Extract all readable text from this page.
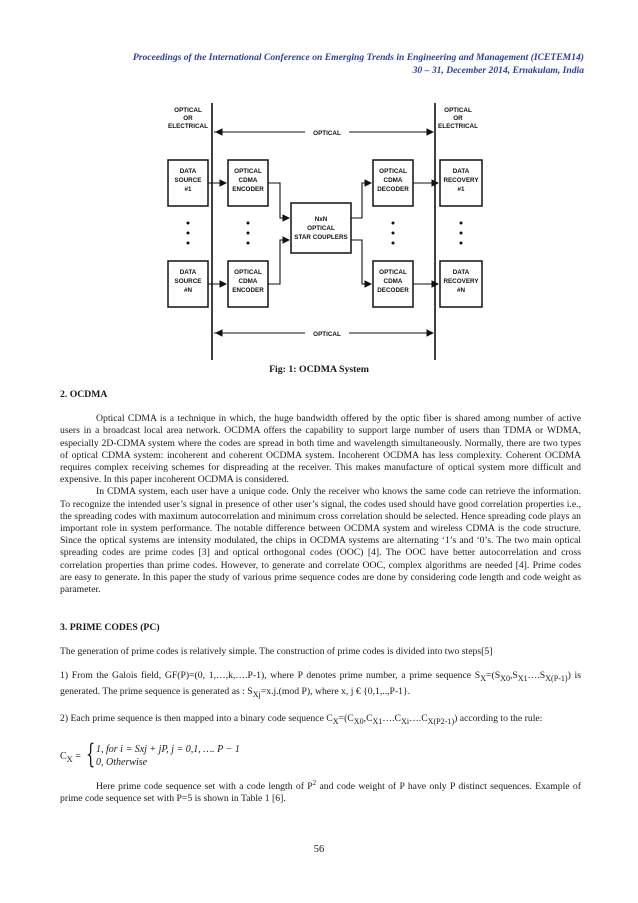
Proceedings of the International Conference on Emerging Trends in Engineering and Management (ICETEM14)
30 – 31, December 2014, Ernakulam, India
OPTICAL
OR
ELECTRICAL
OPTICAL
OR
ELECTRICAL
OPTICAL
OPTICAL
DATA
SOURCE
#1
OPTICAL
CDMA
ENCODER
OPTICAL
CDMA
DECODER
DATA
RECOVERY
#1
NxN
OPTICAL
STAR COUPLERS
DATA
SOURCE
#N
OPTICAL
CDMA
ENCODER
OPTICAL
CDMA
DECODER
DATA
RECOVERY
#N
Fig: 1: OCDMA System

2. OCDMA

Optical CDMA is a technique in which, the huge bandwidth offered by the optic fiber is shared among number of active users in a broadcast local area network. OCDMA offers the capability to support large number of users than TDMA or WDMA, especially 2D-CDMA system where the codes are spread in both time and wavelength simultaneously. Normally, there are two types of optical CDMA system: incoherent and coherent OCDMA system. Incoherent OCDMA has less complexity. Coherent OCDMA requires complex receiving schemes for dispreading at the receiver. This makes manufacture of optical system more difficult and expensive. In this paper incoherent OCDMA is considered.

In CDMA system, each user have a unique code. Only the receiver who knows the same code can retrieve the information. To recognize the intended user’s signal in presence of other user’s signal, the codes used should have good correlation properties i.e., the spreading codes with maximum autocorrelation and minimum cross correlation should be selected. Hence spreading code plays an important role in system performance. The notable difference between OCDMA system and wireless CDMA is the code structure. Since the optical systems are intensity modulated, the chips in OCDMA systems are alternating ‘1’s and ‘0’s. The two main optical spreading codes are prime codes [3] and optical orthogonal codes (OOC) [4]. The OOC have better autocorrelation and cross correlation properties than prime codes. However, to generate and correlate OOC, complex algorithms are needed [4]. Prime codes are easy to generate. In this paper the study of various prime sequence codes are done by considering code length and code weight as parameter.

3. PRIME CODES (PC)

The generation of prime codes is relatively simple. The construction of prime codes is divided into two steps[5]

1) From the Galois field, GF(P)=(0, 1,…,k,….P-1), where P denotes prime number, a prime sequence $S_X=(S_{X0},S_{X1}\dots.S_{X(P-1)})$ is generated. The prime sequence is generated as : $S_{Xj}=x.j.(mod$ P), where x, j € {0,1,..,P-1}.

2) Each prime sequence is then mapped into a binary code sequence $C_X=(C_{X0},C_{X1}\dots.C_{Xi}\dots.C_{X(P2-1)})$ according to the rule:

$C_X$ = { 1, for i = Sxj + jP, j = 0,1, …. P − 1
0, Otherwise

Here prime code sequence set with a code length of $P^2$ and code weight of P have only P distinct sequences. Example of prime code sequence set with P=5 is shown in Table 1 [6].

56
